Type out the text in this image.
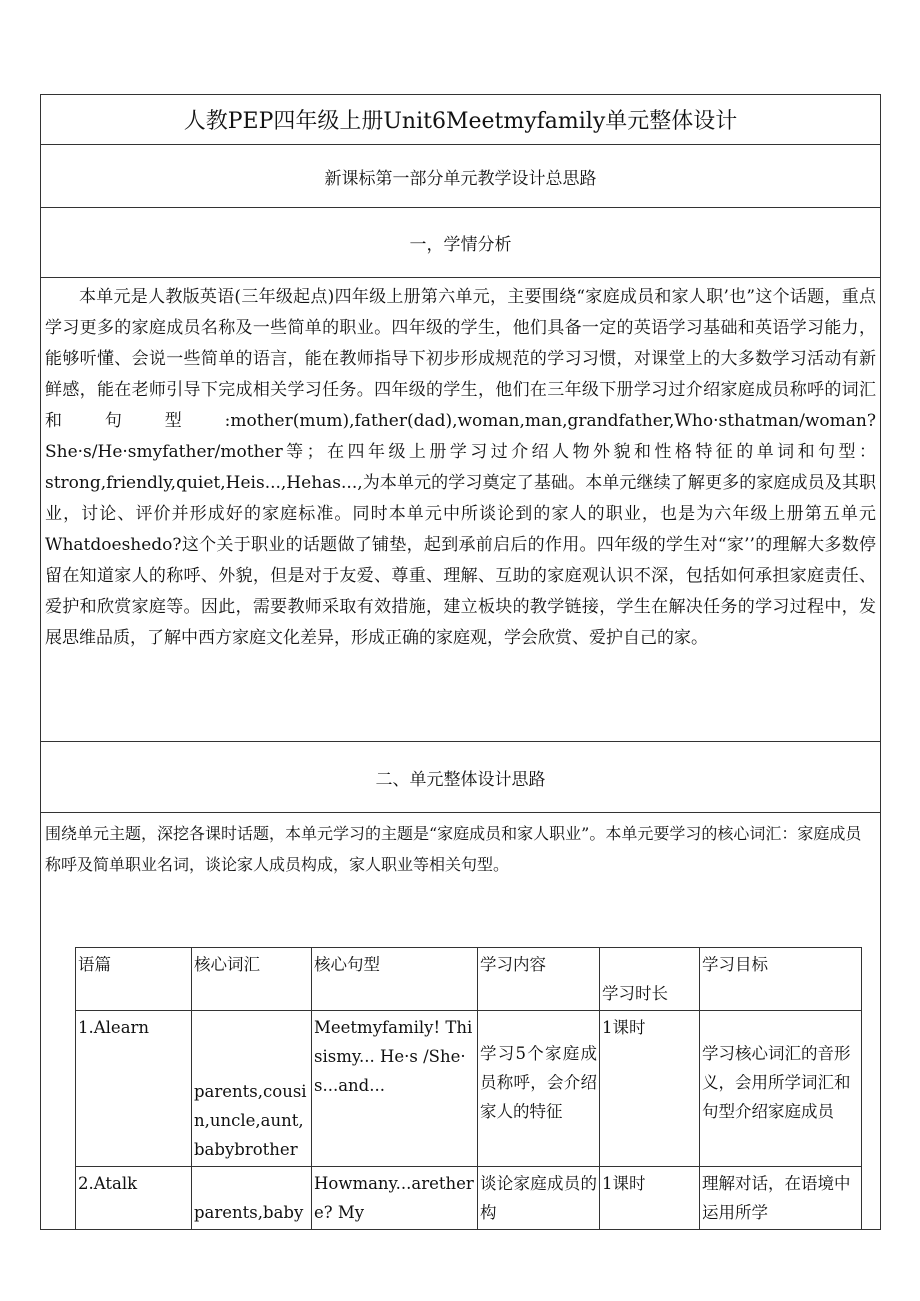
人教PEP四年级上册Unit6Meetmyfamily单元整体设计
新课标第一部分单元教学设计总思路
一，学情分析
本单元是人教版英语(三年级起点)四年级上册第六单元，主要围绕“家庭成员和家人职’也”这个话题，重点学习更多的家庭成员名称及一些简单的职业。四年级的学生，他们具备一定的英语学习基础和英语学习能力，能够听懂、会说一些简单的语言，能在教师指导下初步形成规范的学习习惯，对课堂上的大多数学习活动有新鲜感，能在老师引导下完成相关学习任务。四年级的学生，他们在三年级下册学习过介绍家庭成员称呼的词汇和句型:mother(mum),father(dad),woman,man,grandfather,Who·sthatman/woman?She·s/He·smyfather/mother等；在四年级上册学习过介绍人物外貌和性格特征的单词和句型：strong,friendly,quiet,Heis...,Hehas...,为本单元的学习奠定了基础。本单元继续了解更多的家庭成员及其职业，讨论、评价并形成好的家庭标准。同时本单元中所谈论到的家人的职业，也是为六年级上册第五单元Whatdoeshedo?这个关于职业的话题做了铺垫，起到承前启后的作用。四年级的学生对“家’’的理解大多数停留在知道家人的称呼、外貌，但是对于友爱、尊重、理解、互助的家庭观认识不深，包括如何承担家庭责任、爱护和欣赏家庭等。因此，需要教师采取有效措施，建立板块的教学链接，学生在解决任务的学习过程中，发展思维品质，了解中西方家庭文化差异，形成正确的家庭观，学会欣赏、爱护自己的家。
二、单元整体设计思路
围绕单元主题，深挖各课时话题，本单元学习的主题是“家庭成员和家人职业”。本单元要学习的核心词汇：家庭成员称呼及简单职业名词，谈论家人成员构成，家人职业等相关句型。
语篇	核心词汇	核心句型	学习内容	学习时长	学习目标
1.Alearn	parents,cousin,uncle,aunt,babybrother	Meetmyfamily! Thisismy... He·s /She·s...and...	学习5个家庭成员称呼，会介绍家人的特征	1课时	学习核心词汇的音形义，会用所学词汇和句型介绍家庭成员
2.Atalk	parents,baby	Howmany...arethere? My	谈论家庭成员的构	1课时	理解对话，在语境中运用所学
